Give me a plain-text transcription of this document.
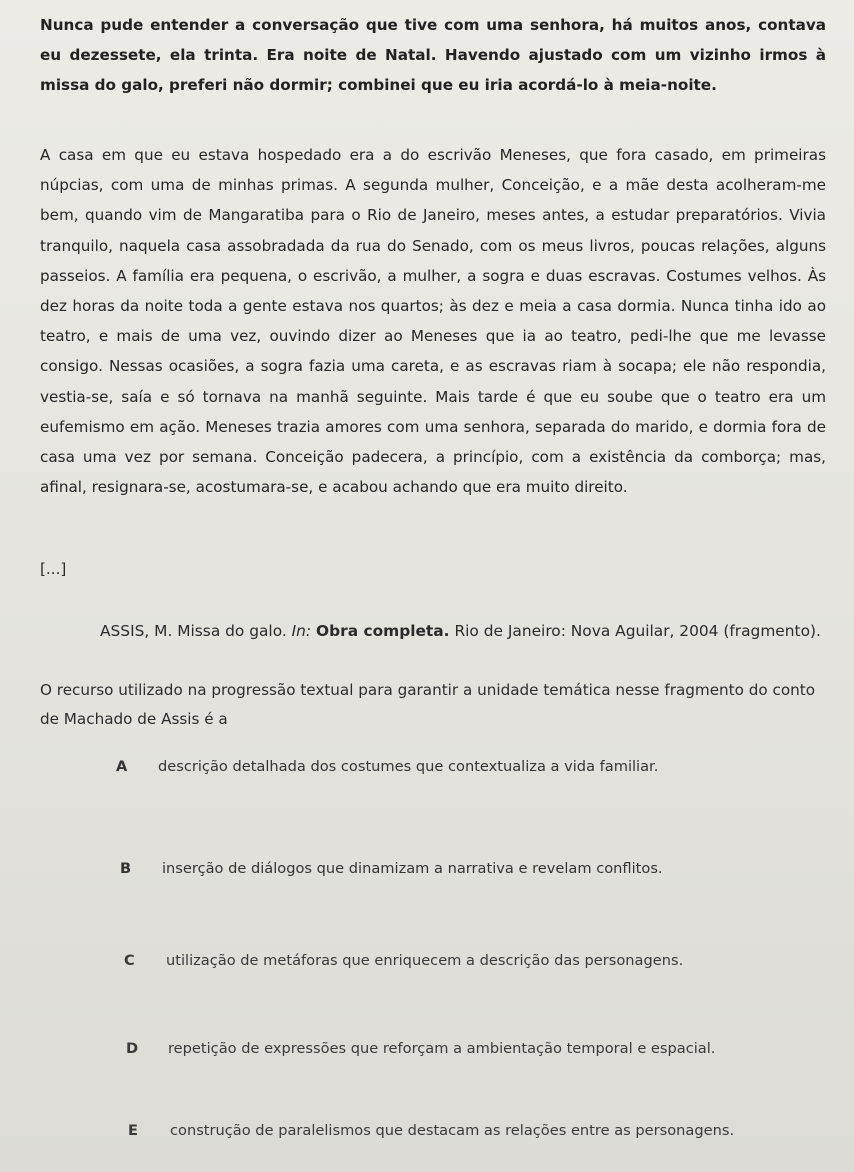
Nunca pude entender a conversação que tive com uma senhora, há muitos anos, contava eu dezessete, ela trinta. Era noite de Natal. Havendo ajustado com um vizinho irmos à missa do galo, preferi não dormir; combinei que eu iria acordá-lo à meia-noite.

A casa em que eu estava hospedado era a do escrivão Meneses, que fora casado, em primeiras núpcias, com uma de minhas primas. A segunda mulher, Conceição, e a mãe desta acolheram-me bem, quando vim de Mangaratiba para o Rio de Janeiro, meses antes, a estudar preparatórios. Vivia tranquilo, naquela casa assobradada da rua do Senado, com os meus livros, poucas relações, alguns passeios. A família era pequena, o escrivão, a mulher, a sogra e duas escravas. Costumes velhos. Às dez horas da noite toda a gente estava nos quartos; às dez e meia a casa dormia. Nunca tinha ido ao teatro, e mais de uma vez, ouvindo dizer ao Meneses que ia ao teatro, pedi-lhe que me levasse consigo. Nessas ocasiões, a sogra fazia uma careta, e as escravas riam à socapa; ele não respondia, vestia-se, saía e só tornava na manhã seguinte. Mais tarde é que eu soube que o teatro era um eufemismo em ação. Meneses trazia amores com uma senhora, separada do marido, e dormia fora de casa uma vez por semana. Conceição padecera, a princípio, com a existência da comborça; mas, afinal, resignara-se, acostumara-se, e acabou achando que era muito direito.

[...]
ASSIS, M. Missa do galo. In: Obra completa. Rio de Janeiro: Nova Aguilar, 2004 (fragmento).

O recurso utilizado na progressão textual para garantir a unidade temática nesse fragmento do conto de Machado de Assis é a

A	descrição detalhada dos costumes que contextualiza a vida familiar.
B	inserção de diálogos que dinamizam a narrativa e revelam conflitos.
C	utilização de metáforas que enriquecem a descrição das personagens.
D	repetição de expressões que reforçam a ambientação temporal e espacial.
E	construção de paralelismos que destacam as relações entre as personagens.
